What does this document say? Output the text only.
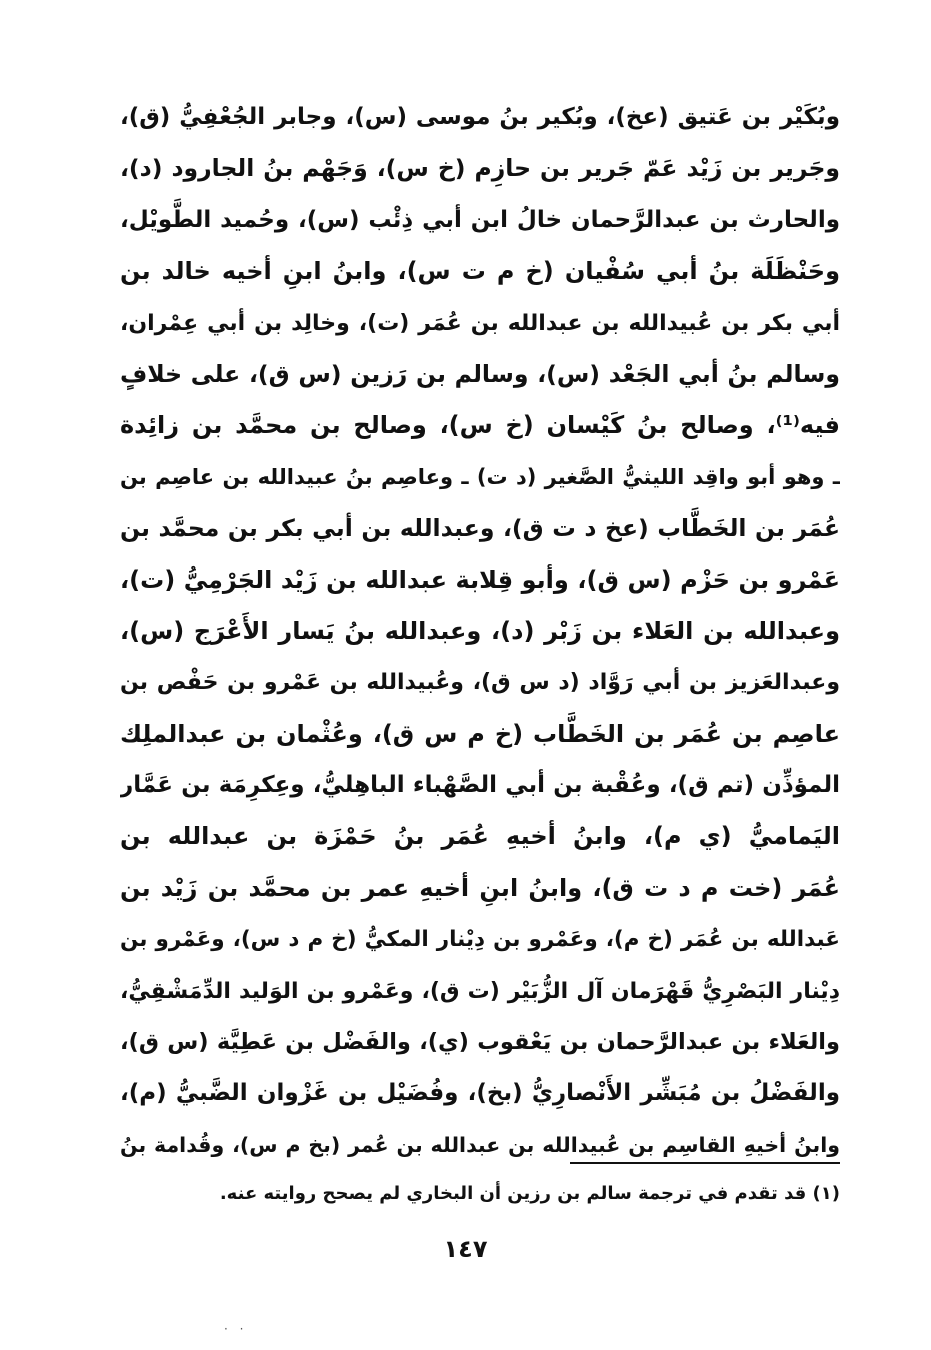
وبُكَيْر بن عَتيق (عخ)، وبُكير بنُ موسى (س)، وجابر الجُعْفِيُّ (ق)،
وجَرير بن زَيْد عَمّ جَرير بن حازِم (خ س)، وَجَهْم بنُ الجارود (د)،
والحارث بن عبدالرَّحمان خالُ ابن أبي ذِئْب (س)، وحُميد الطَّويْل،
وحَنْظَلَة بنُ أبي سُفْيان (خ م ت س)، وابنُ ابنِ أخيه خالد بن
أبي بكر بن عُبيدالله بن عبدالله بن عُمَر (ت)، وخالِد بن أبي عِمْران،
وسالم بنُ أبي الجَعْد (س)، وسالم بن رَزين (س ق)، على خلافٍ
فيه⁽¹⁾، وصالح بنُ كَيْسان (خ س)، وصالح بن محمَّد بن زائِدة
ـ وهو أبو واقِد الليثيُّ الصَّغير (د ت) ـ وعاصِم بنُ عبيدالله بن عاصِم بن
عُمَر بن الخَطَّاب (عخ د ت ق)، وعبدالله بن أبي بكر بن محمَّد بن
عَمْرو بن حَزْم (س ق)، وأبو قِلابة عبدالله بن زَيْد الجَرْمِيُّ (ت)،
وعبدالله بن العَلاء بن زَبْر (د)، وعبدالله بنُ يَسار الأَعْرَج (س)،
وعبدالعَزيز بن أبي رَوَّاد (د س ق)، وعُبيدالله بن عَمْرو بن حَفْص بن
عاصِم بن عُمَر بن الخَطَّاب (خ م س ق)، وعُثْمان بن عبدالملِك
المؤذِّن (تم ق)، وعُقْبة بن أبي الصَّهْباء الباهِليُّ، وعِكرِمَة بن عَمَّار
اليَماميُّ (ي م)، وابنُ أخيهِ عُمَر بنُ حَمْزَة بن عبدالله بن
عُمَر (خت م د ت ق)، وابنُ ابنِ أخيهِ عمر بن محمَّد بن زَيْد بن
عَبدالله بن عُمَر (خ م)، وعَمْرو بن دِيْنار المكيُّ (خ م د س)، وعَمْرو بن
دِيْنار البَصْرِيُّ قَهْرَمان آل الزُّبَيْر (ت ق)، وعَمْرو بن الوَليد الدِّمَشْقِيُّ،
والعَلاء بن عبدالرَّحمان بن يَعْقوب (ي)، والفَضْل بن عَطِيَّة (س ق)،
والفَضْلُ بن مُبَشِّر الأَنْصارِيُّ (بخ)، وفُضَيْل بن غَزْوان الضَّبيُّ (م)،
وابنُ أخيهِ القاسِم بن عُبيدالله بن عبدالله بن عُمر (بخ م س)، وقُدامة بنُ
(١) قد تقدم في ترجمة سالم بن رزين أن البخاري لم يصحح روايته عنه.
١٤٧
· ·
